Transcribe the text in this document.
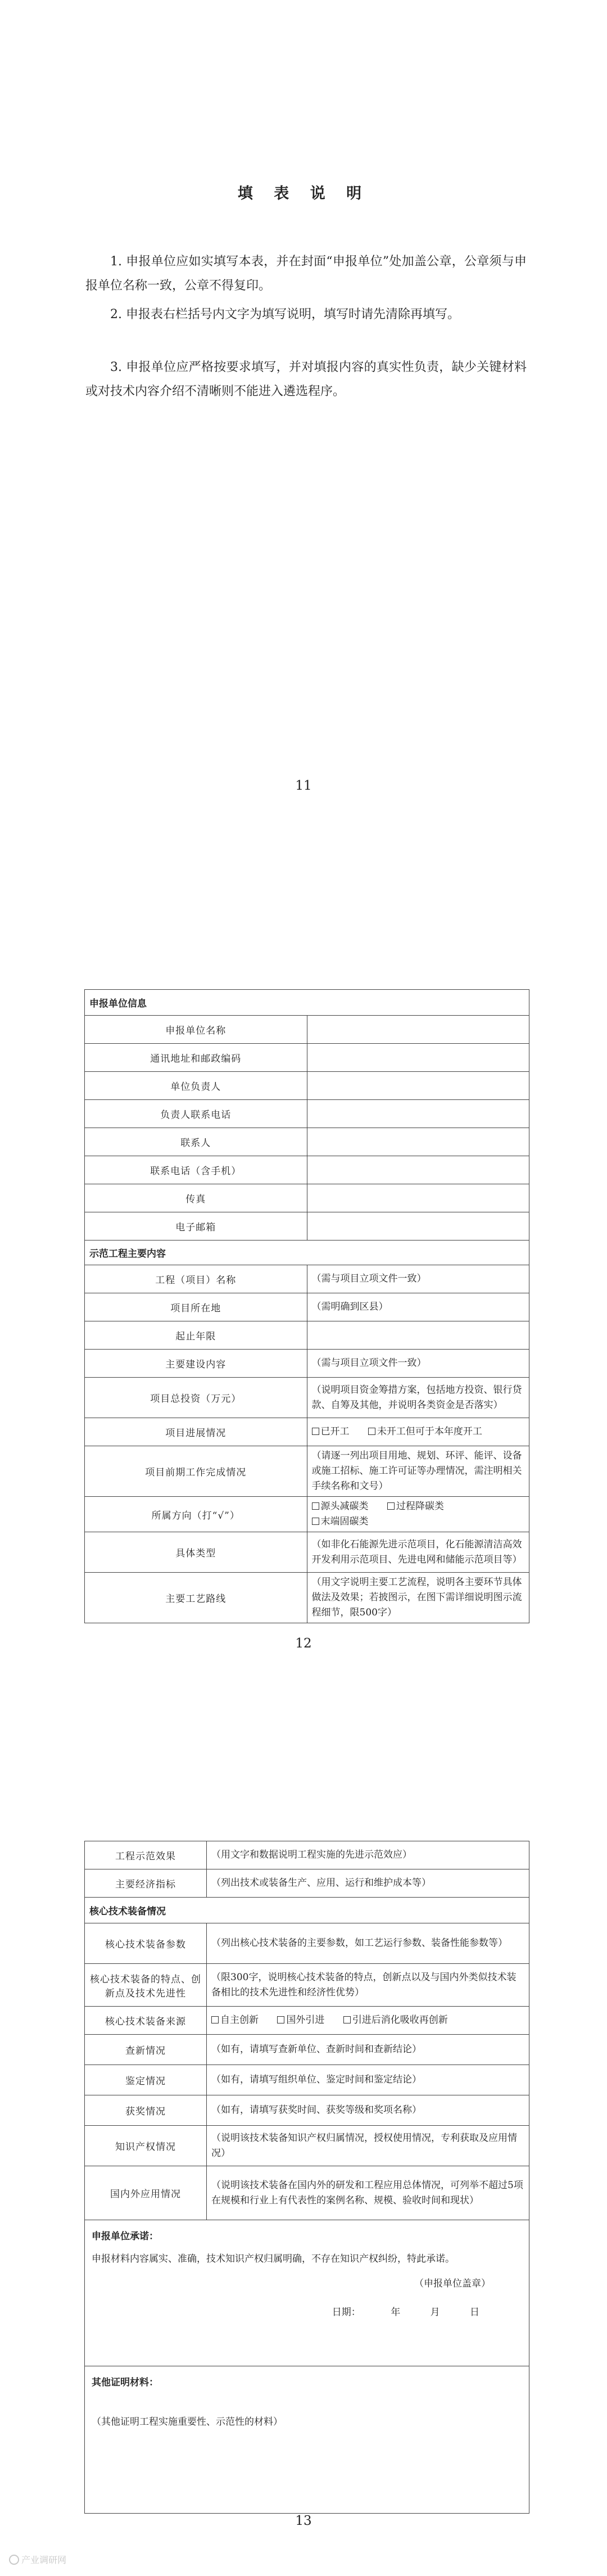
填 表 说 明

1. 申报单位应如实填写本表，并在封面“申报单位”处加盖公章，公章须与申报单位名称一致，公章不得复印。

2. 申报表右栏括号内文字为填写说明，填写时请先清除再填写。

3. 申报单位应严格按要求填写，并对填报内容的真实性负责，缺少关键材料或对技术内容介绍不清晰则不能进入遴选程序。

11
申报单位信息	
申报单位名称	
通讯地址和邮政编码	
单位负责人	
负责人联系电话	
联系人	
联系电话（含手机）	
传真	
电子邮箱	
示范工程主要内容	
工程（项目）名称	（需与项目立项文件一致）
项目所在地	（需明确到区县）
起止年限	
主要建设内容	（需与项目立项文件一致）
项目总投资（万元）	（说明项目资金筹措方案，包括地方投资、银行贷款、自筹及其他，并说明各类资金是否落实）
项目进展情况	已开工 未开工但可于本年度开工
项目前期工作完成情况	（请逐一列出项目用地、规划、环评、能评、设备或施工招标、施工许可证等办理情况，需注明相关手续名称和文号）
所属方向（打“√”）	源头减碳类 过程降碳类 末端固碳类
具体类型	（如非化石能源先进示范项目，化石能源清洁高效开发利用示范项目、先进电网和储能示范项目等）
主要工艺路线	（用文字说明主要工艺流程，说明各主要环节具体做法及效果；若披图示，在图下需详细说明图示流程细节，限500字）
12
工程示范效果	（用文字和数据说明工程实施的先进示范效应）
主要经济指标	（列出技术或装备生产、应用、运行和维护成本等）
核心技术装备情况	
核心技术装备参数	（列出核心技术装备的主要参数，如工艺运行参数、装备性能参数等）
核心技术装备的特点、创新点及技术先进性	（限300字，说明核心技术装备的特点，创新点以及与国内外类似技术装备相比的技术先进性和经济性优势）
核心技术装备来源	自主创新 国外引进 引进后消化吸收再创新
查新情况	（如有，请填写查新单位、查新时间和查新结论）
鉴定情况	（如有，请填写组织单位、鉴定时间和鉴定结论）
获奖情况	（如有，请填写获奖时间、获奖等级和奖项名称）
知识产权情况	（说明该技术装备知识产权归属情况，授权使用情况，专利获取及应用情况）
国内外应用情况	（说明该技术装备在国内外的研发和工程应用总体情况，可列举不超过5项在规模和行业上有代表性的案例名称、规模、验收时间和现状）

申报单位承诺：
申报材料内容属实、准确，技术知识产权归属明确，不存在知识产权纠纷，特此承诺。
（申报单位盖章）
日期： 年 月 日	

其他证明材料：
（其他证明工程实施重要性、示范性的材料）	
13
产业调研网
